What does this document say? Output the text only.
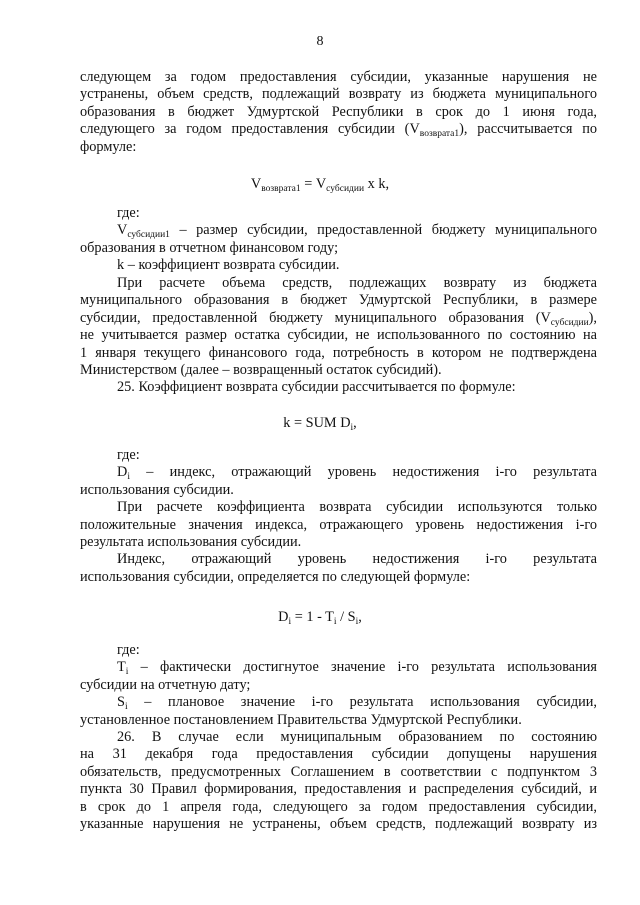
8
следующем за годом предоставления субсидии, указанные нарушения не
устранены, объем средств, подлежащий возврату из бюджета муниципального
образования в бюджет Удмуртской Республики в срок до 1 июня года,
следующего за годом предоставления субсидии $(V_{возврата1})$, рассчитывается по
формуле:
$V_{возврата1} = V_{субсидии}$ x k,
где:
$V_{субсидии1}$ – размер субсидии, предоставленной бюджету муниципального
образования в отчетном финансовом году;
k – коэффициент возврата субсидии.
При расчете объема средств, подлежащих возврату из бюджета
муниципального образования в бюджет Удмуртской Республики, в размере
субсидии, предоставленной бюджету муниципального образования $(V_{субсидии})$,
не учитывается размер остатка субсидии, не использованного по состоянию на
1 января текущего финансового года, потребность в котором не подтверждена
Министерством (далее – возвращенный остаток субсидий).
25. Коэффициент возврата субсидии рассчитывается по формуле:
k = SUM $D_i$,
где:
$D_i$ – индекс, отражающий уровень недостижения i-го результата
использования субсидии.
При расчете коэффициента возврата субсидии используются только
положительные значения индекса, отражающего уровень недостижения i-го
результата использования субсидии.
Индекс, отражающий уровень недостижения i-го результата
использования субсидии, определяется по следующей формуле:
$D_i = 1 - T_i / S_i$,
где:
$T_i$ – фактически достигнутое значение i-го результата использования
субсидии на отчетную дату;
$S_i$ – плановое значение i-го результата использования субсидии,
установленное постановлением Правительства Удмуртской Республики.
26. В случае если муниципальным образованием по состоянию
на 31 декабря года предоставления субсидии допущены нарушения
обязательств, предусмотренных Соглашением в соответствии с подпунктом 3
пункта 30 Правил формирования, предоставления и распределения субсидий, и
в срок до 1 апреля года, следующего за годом предоставления субсидии,
указанные нарушения не устранены, объем средств, подлежащий возврату из
